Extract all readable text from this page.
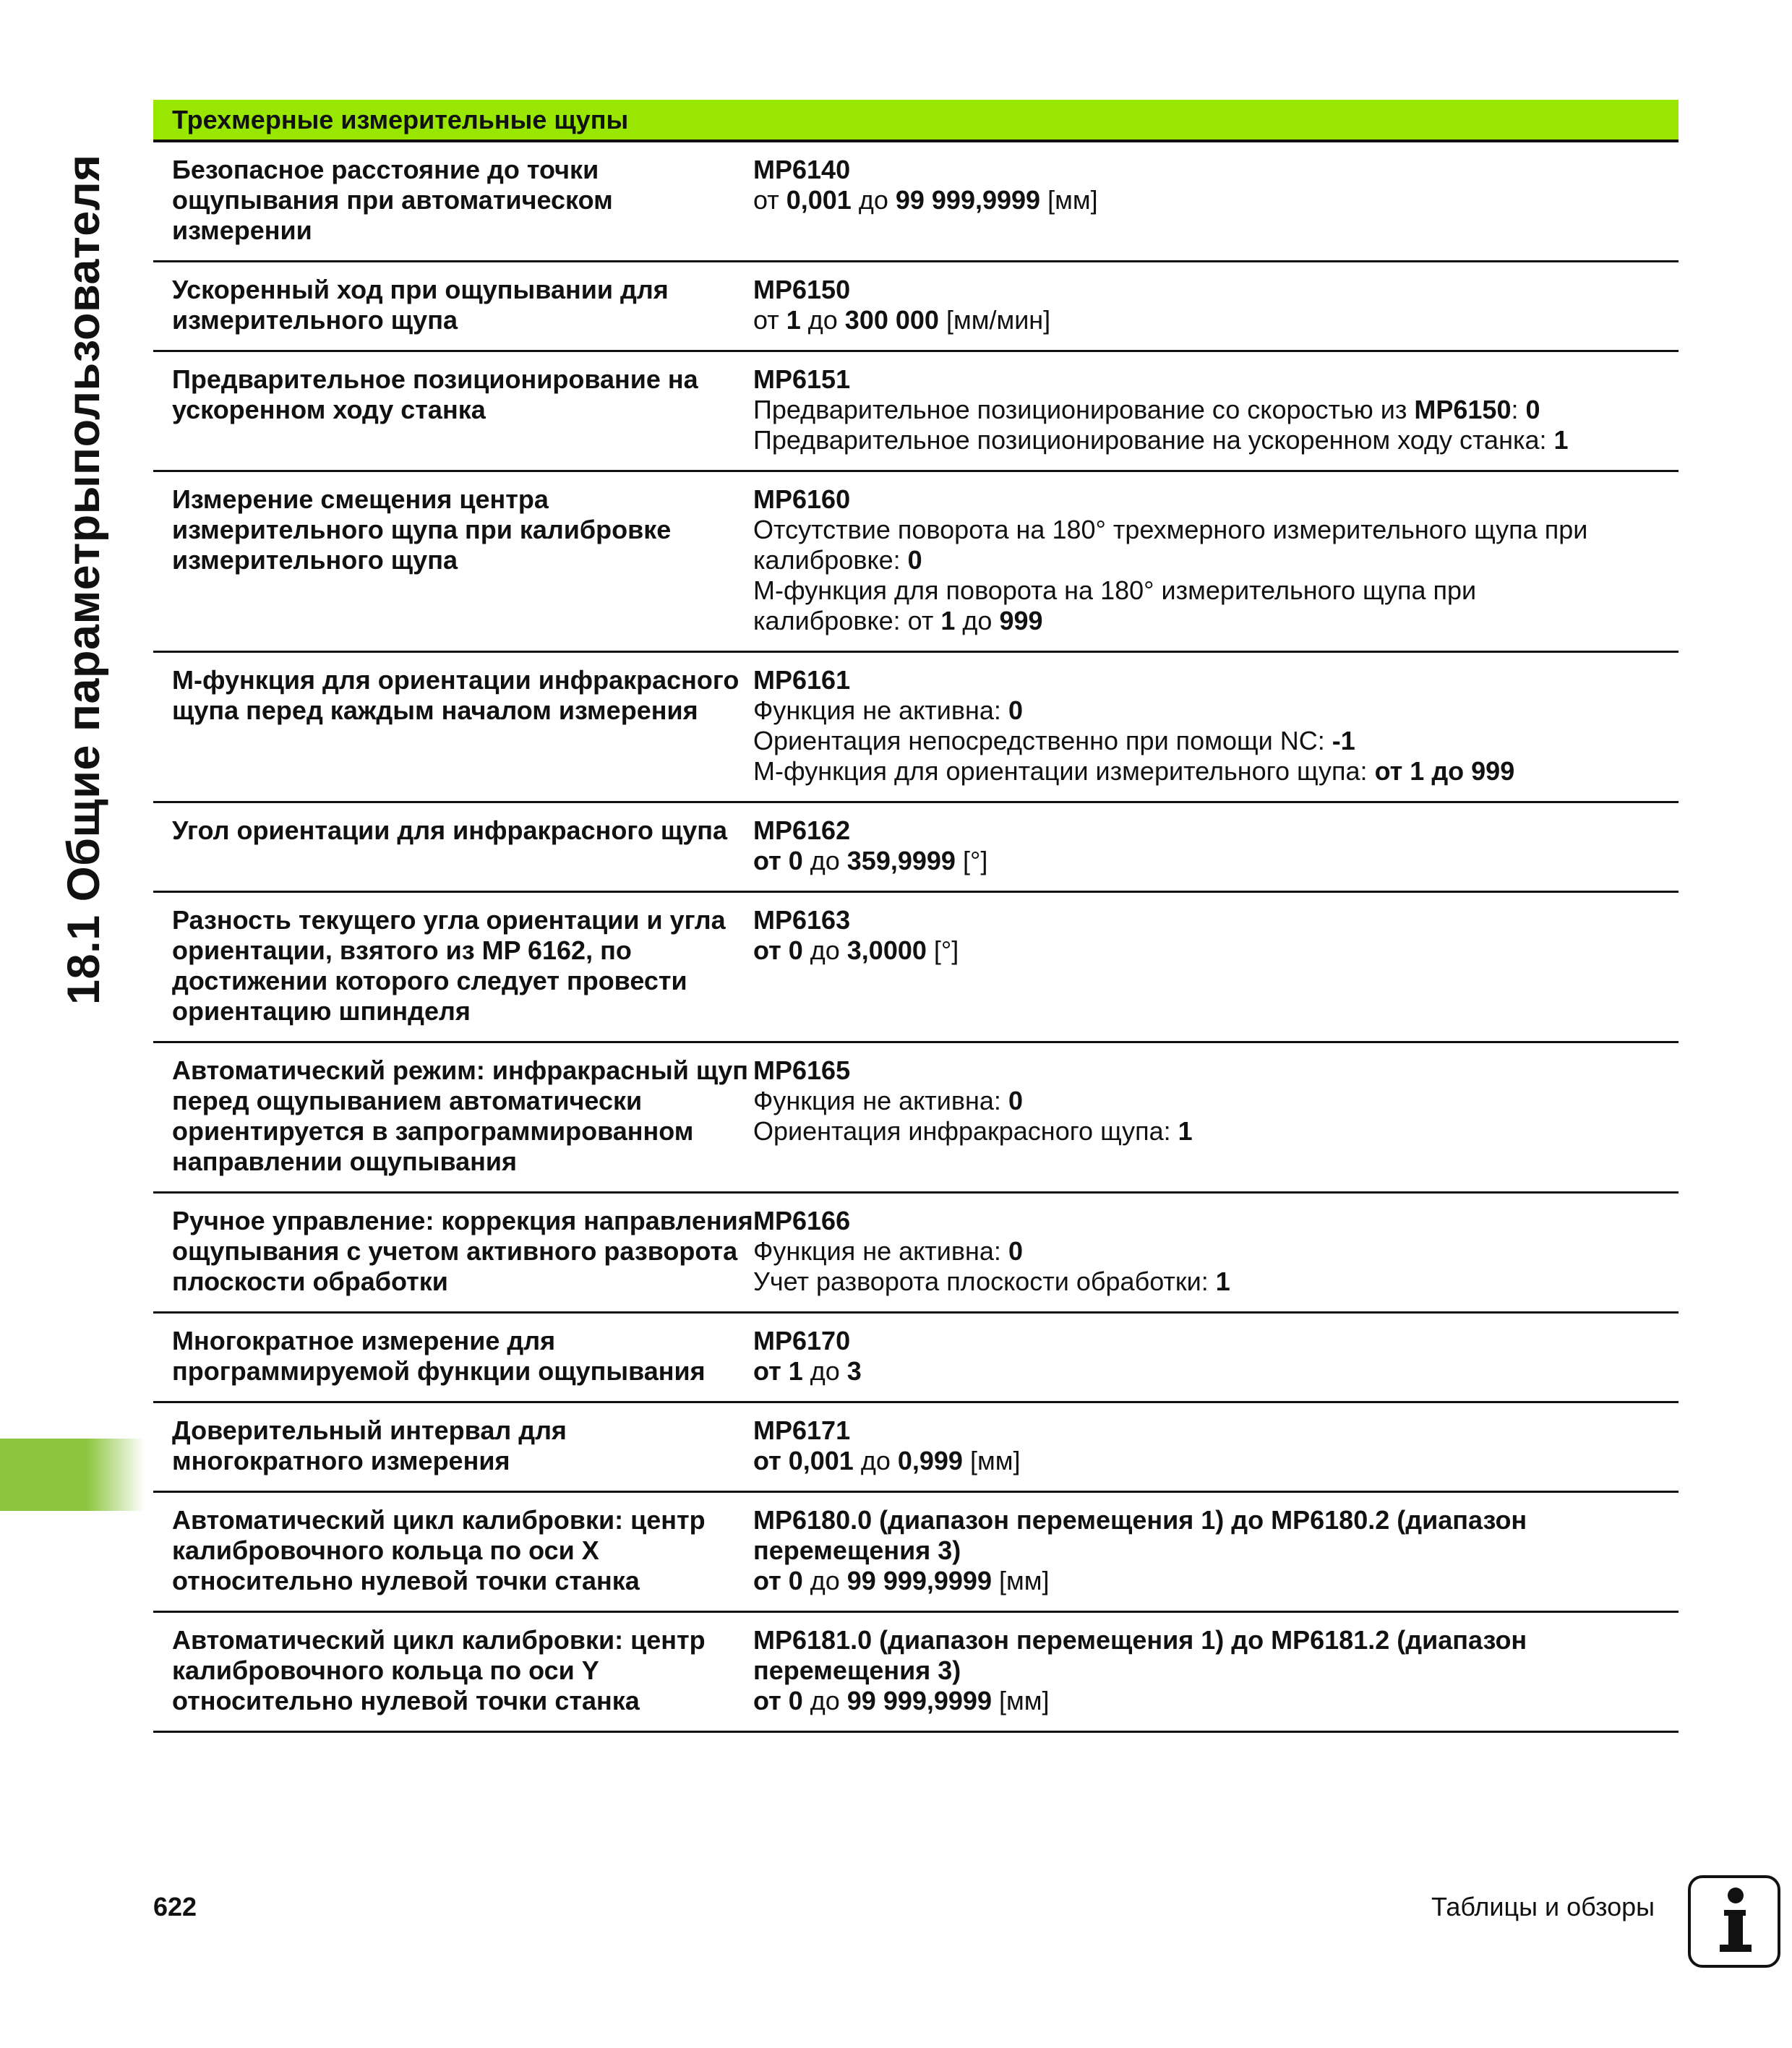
18.1 Общие параметрыпользователя
Трехмерные измерительные щупы
Безопасное расстояние до точки ощупывания при автоматическом измерении
MP6140
от 0,001 до 99 999,9999 [мм]
Ускоренный ход при ощупывании для измерительного щупа
MP6150
от 1 до 300 000 [мм/мин]
Предварительное позиционирование на ускоренном ходу станка
MP6151
Предварительное позиционирование со скоростью из MP6150: 0
Предварительное позиционирование на ускоренном ходу станка: 1
Измерение смещения центра измерительного щупа при калибровке измерительного щупа
MP6160
Отсутствие поворота на 180° трехмерного измерительного щупа при
калибровке: 0
М-функция для поворота на 180° измерительного щупа при
калибровке: от 1 до 999
М-функция для ориентации инфракрасного щупа перед каждым началом измерения
MP6161
Функция не активна: 0
Ориентация непосредственно при помощи NC: -1
М-функция для ориентации измерительного щупа: от 1 до 999
Угол ориентации для инфракрасного щупа MP6162
от 0 до 359,9999 [°]
Разность текущего угла ориентации и угла ориентации, взятого из MP 6162, по достижении которого следует провести ориентацию шпинделя
MP6163
от 0 до 3,0000 [°]
Автоматический режим: инфракрасный щуп перед ощупыванием автоматически ориентируется в запрограммированном направлении ощупывания
MP6165
Функция не активна: 0
Ориентация инфракрасного щупа: 1
Ручное управление: коррекция направления ощупывания с учетом активного разворота плоскости обработки
MP6166
Функция не активна: 0
Учет разворота плоскости обработки: 1
Многократное измерение для программируемой функции ощупывания
MP6170
от 1 до 3
Доверительный интервал для многократного измерения
MP6171
от 0,001 до 0,999 [мм]
Автоматический цикл калибровки: центр калибровочного кольца по оси X относительно нулевой точки станка
MP6180.0 (диапазон перемещения 1) до MP6180.2 (диапазон
перемещения 3)
от 0 до 99 999,9999 [мм]
Автоматический цикл калибровки: центр калибровочного кольца по оси Y относительно нулевой точки станка
MP6181.0 (диапазон перемещения 1) до MP6181.2 (диапазон
перемещения 3)
от 0 до 99 999,9999 [мм]
622	Таблицы и обзоры
